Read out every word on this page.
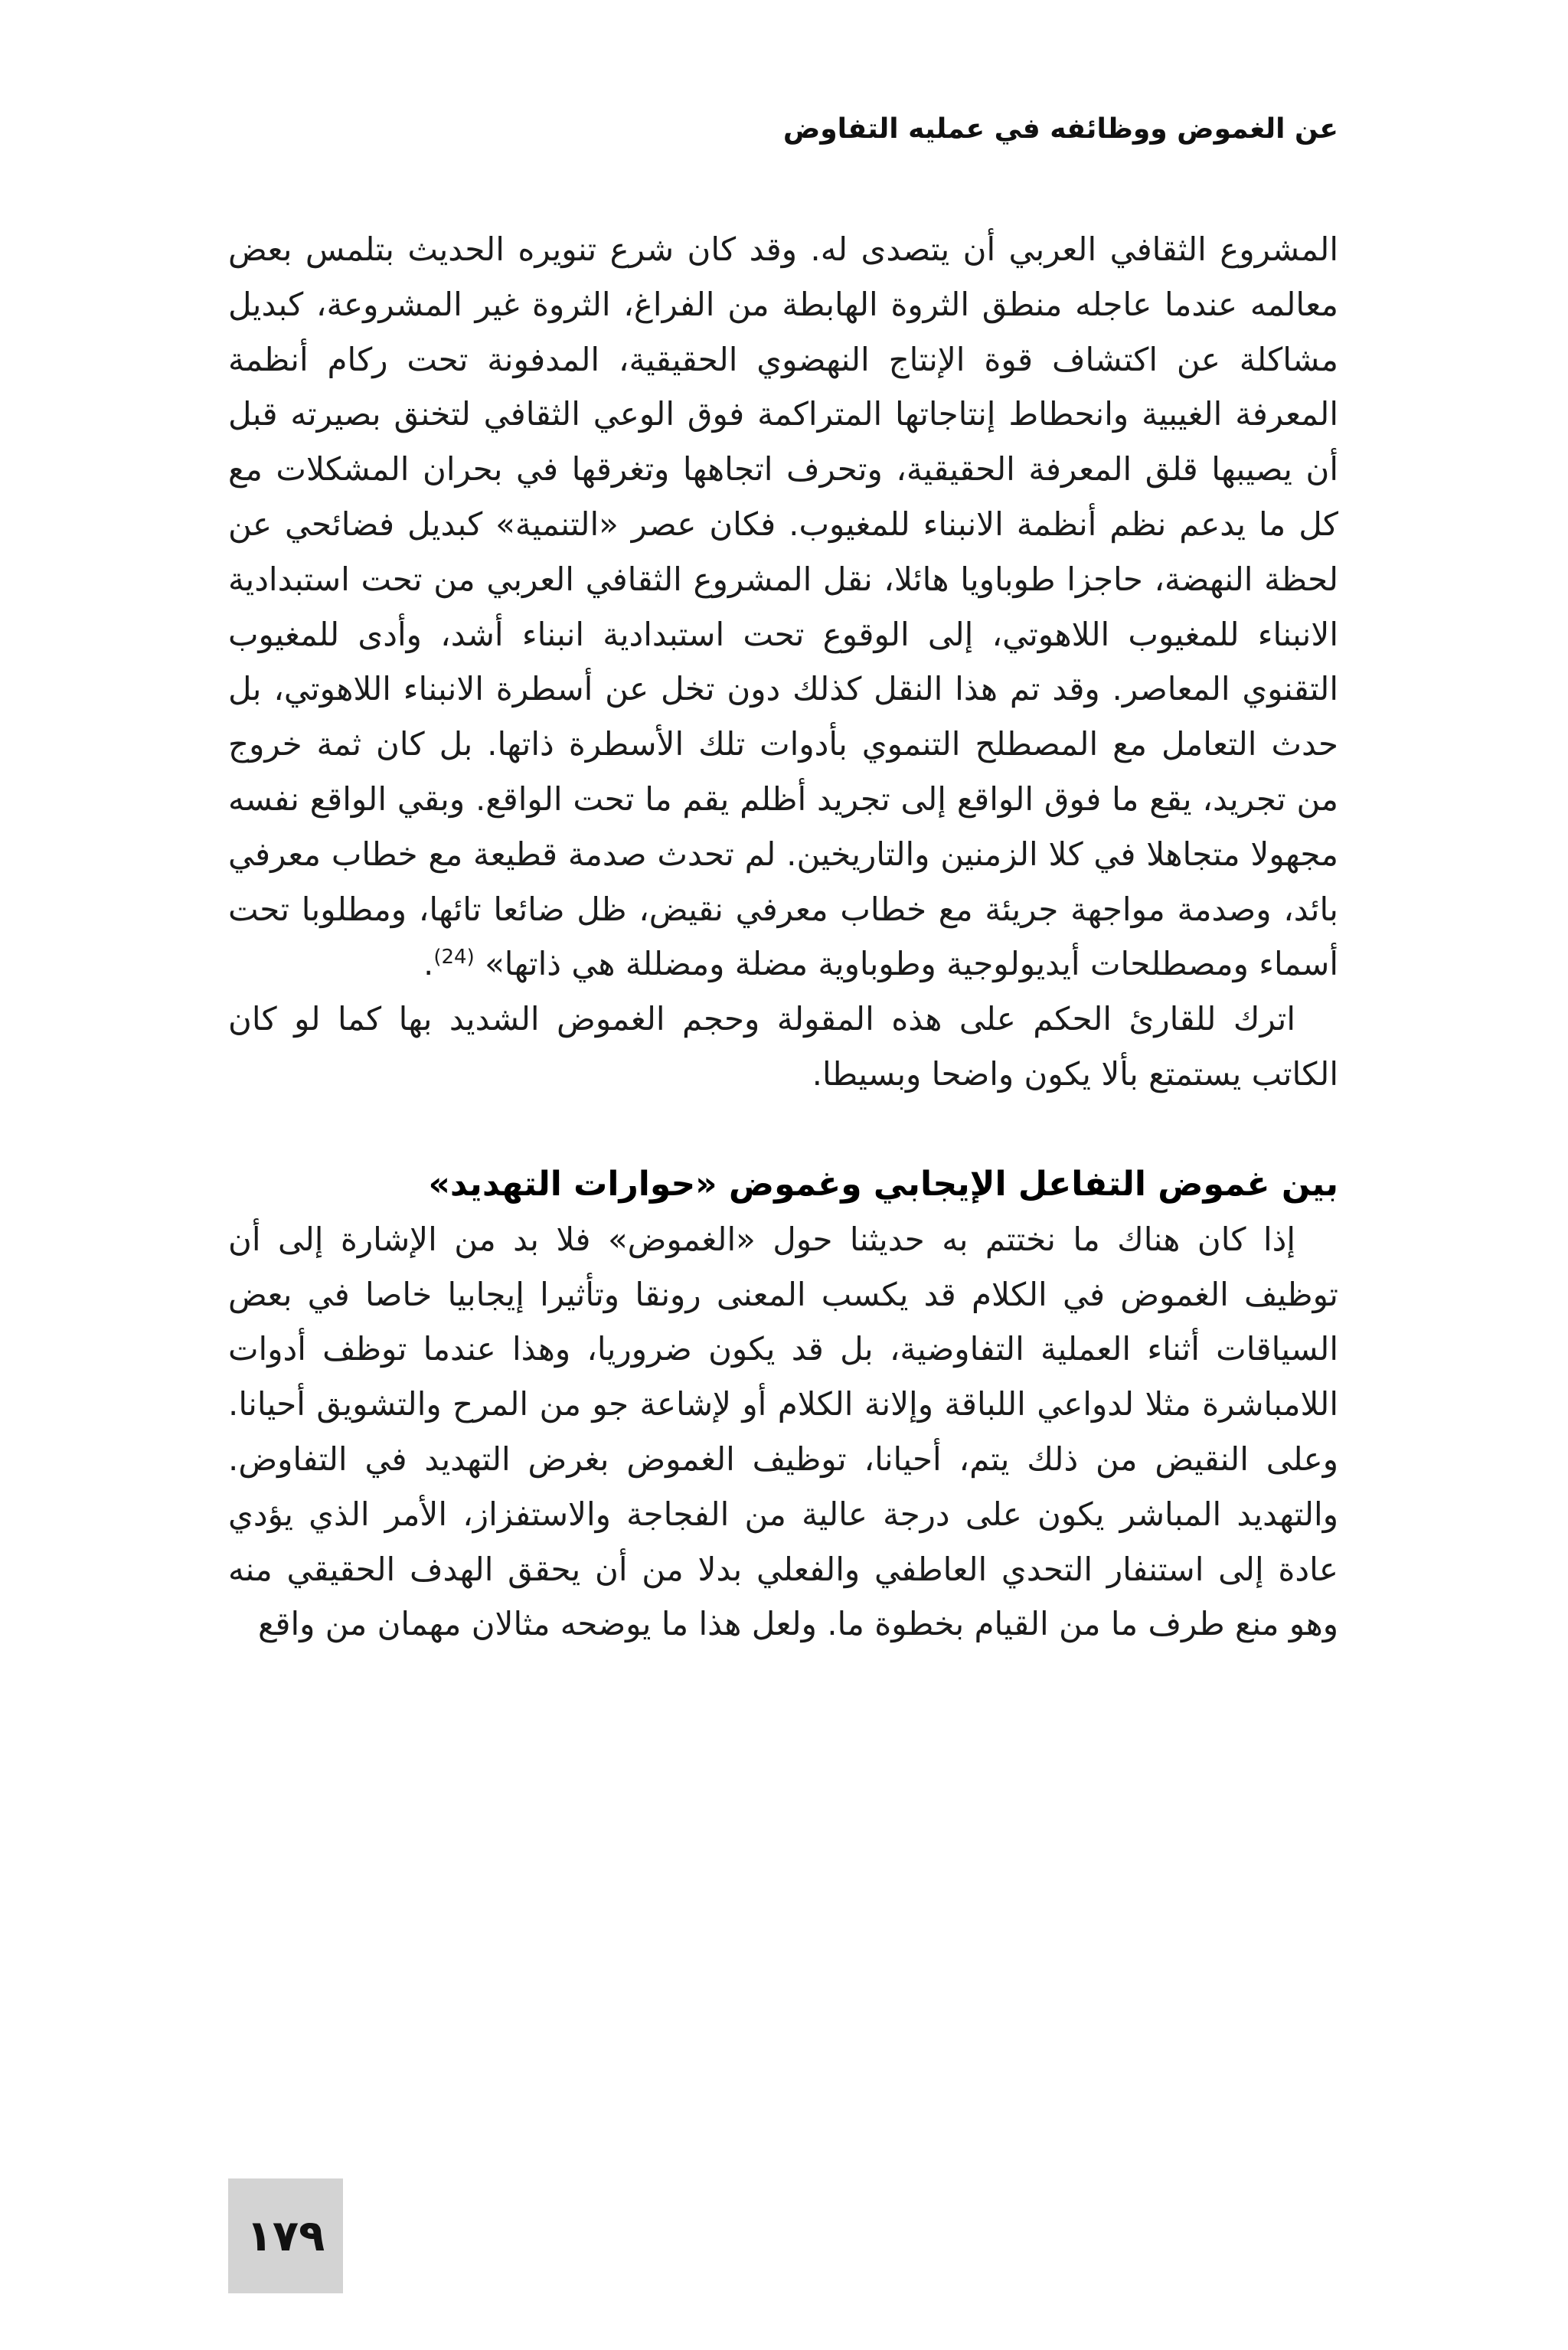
عن الغموض ووظائفه في عمليه التفاوض

المشروع الثقافي العربي أن يتصدى له. وقد كان شرع تنويره الحديث بتلمس بعض معالمه عندما عاجله منطق الثروة الهابطة من الفراغ، الثروة غير المشروعة، كبديل مشاكلة عن اكتشاف قوة الإنتاج النهضوي الحقيقية، المدفونة تحت ركام أنظمة المعرفة الغيبية وانحطاط إنتاجاتها المتراكمة فوق الوعي الثقافي لتخنق بصيرته قبل أن يصيبها قلق المعرفة الحقيقية، وتحرف اتجاهها وتغرقها في بحران المشكلات مع كل ما يدعم نظم أنظمة الانبناء للمغيوب. فكان عصر «التنمية» كبديل فضائحي عن لحظة النهضة، حاجزا طوباويا هائلا، نقل المشروع الثقافي العربي من تحت استبدادية الانبناء للمغيوب اللاهوتي، إلى الوقوع تحت استبدادية انبناء أشد، وأدى للمغيوب التقنوي المعاصر. وقد تم هذا النقل كذلك دون تخل عن أسطرة الانبناء اللاهوتي، بل حدث التعامل مع المصطلح التنموي بأدوات تلك الأسطرة ذاتها. بل كان ثمة خروج من تجريد، يقع ما فوق الواقع إلى تجريد أظلم يقم ما تحت الواقع. وبقي الواقع نفسه مجهولا متجاهلا في كلا الزمنين والتاريخين. لم تحدث صدمة قطيعة مع خطاب معرفي بائد، وصدمة مواجهة جريئة مع خطاب معرفي نقيض، ظل ضائعا تائها، ومطلوبا تحت أسماء ومصطلحات أيديولوجية وطوباوية مضلة ومضللة هي ذاتها» $^{(24)}$.

اترك للقارئ الحكم على هذه المقولة وحجم الغموض الشديد بها كما لو كان الكاتب يستمتع بألا يكون واضحا وبسيطا.

بين غموض التفاعل الإيجابي وغموض «حوارات التهديد»

إذا كان هناك ما نختتم به حديثنا حول «الغموض» فلا بد من الإشارة إلى أن توظيف الغموض في الكلام قد يكسب المعنى رونقا وتأثيرا إيجابيا خاصا في بعض السياقات أثناء العملية التفاوضية، بل قد يكون ضروريا، وهذا عندما توظف أدوات اللامباشرة مثلا لدواعي اللباقة وإلانة الكلام أو لإشاعة جو من المرح والتشويق أحيانا. وعلى النقيض من ذلك يتم، أحيانا، توظيف الغموض بغرض التهديد في التفاوض. والتهديد المباشر يكون على درجة عالية من الفجاجة والاستفزاز، الأمر الذي يؤدي عادة إلى استنفار التحدي العاطفي والفعلي بدلا من أن يحقق الهدف الحقيقي منه وهو منع طرف ما من القيام بخطوة ما. ولعل هذا ما يوضحه مثالان مهمان من واقع

١٧٩
